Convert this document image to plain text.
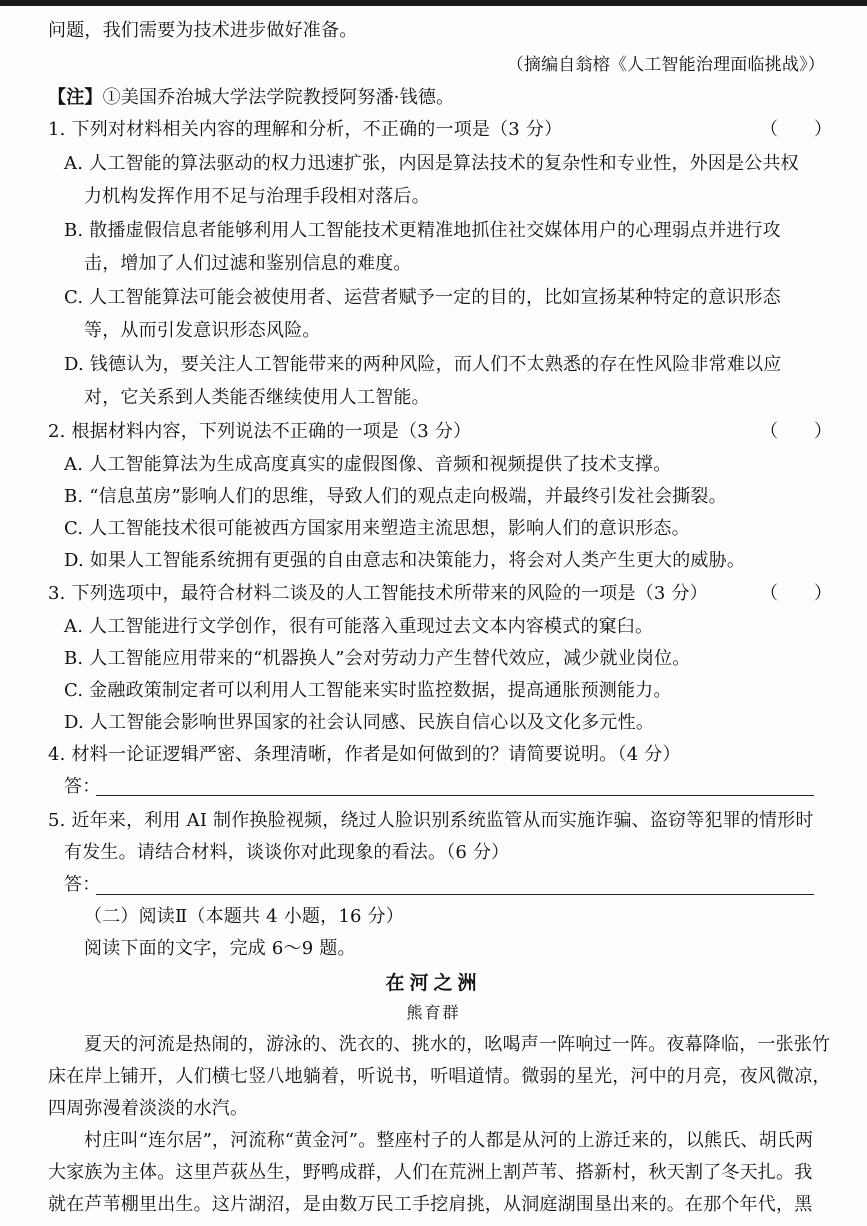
问题，我们需要为技术进步做好准备。
（摘编自翁榕《人工智能治理面临挑战》）
【注】①美国乔治城大学法学院教授阿努潘·钱德。
1. 下列对材料相关内容的理解和分析，不正确的一项是（3 分）	（　　）
A. 人工智能的算法驱动的权力迅速扩张，内因是算法技术的复杂性和专业性，外因是公共权
力机构发挥作用不足与治理手段相对落后。
B. 散播虚假信息者能够利用人工智能技术更精准地抓住社交媒体用户的心理弱点并进行攻
击，增加了人们过滤和鉴别信息的难度。
C. 人工智能算法可能会被使用者、运营者赋予一定的目的，比如宣扬某种特定的意识形态
等，从而引发意识形态风险。
D. 钱德认为，要关注人工智能带来的两种风险，而人们不太熟悉的存在性风险非常难以应
对，它关系到人类能否继续使用人工智能。
2. 根据材料内容，下列说法不正确的一项是（3 分）	（　　）
A. 人工智能算法为生成高度真实的虚假图像、音频和视频提供了技术支撑。
B. “信息茧房”影响人们的思维，导致人们的观点走向极端，并最终引发社会撕裂。
C. 人工智能技术很可能被西方国家用来塑造主流思想，影响人们的意识形态。
D. 如果人工智能系统拥有更强的自由意志和决策能力，将会对人类产生更大的威胁。
3. 下列选项中，最符合材料二谈及的人工智能技术所带来的风险的一项是（3 分）	（　　）
A. 人工智能进行文学创作，很有可能落入重现过去文本内容模式的窠臼。
B. 人工智能应用带来的“机器换人”会对劳动力产生替代效应，减少就业岗位。
C. 金融政策制定者可以利用人工智能来实时监控数据，提高通胀预测能力。
D. 人工智能会影响世界国家的社会认同感、民族自信心以及文化多元性。
4. 材料一论证逻辑严密、条理清晰，作者是如何做到的？请简要说明。（4 分）
答：
5. 近年来，利用 AI 制作换脸视频，绕过人脸识别系统监管从而实施诈骗、盗窃等犯罪的情形时
有发生。请结合材料，谈谈你对此现象的看法。（6 分）
答：
（二）阅读Ⅱ（本题共 4 小题，16 分）
阅读下面的文字，完成 6～9 题。
在河之洲
熊育群
夏天的河流是热闹的，游泳的、洗衣的、挑水的，吆喝声一阵响过一阵。夜幕降临，一张张竹
床在岸上铺开，人们横七竖八地躺着，听说书，听唱道情。微弱的星光，河中的月亮，夜风微凉，
四周弥漫着淡淡的水汽。
村庄叫“连尔居”，河流称“黄金河”。整座村子的人都是从河的上游迁来的，以熊氏、胡氏两
大家族为主体。这里芦荻丛生，野鸭成群，人们在荒洲上割芦苇、搭新村，秋天割了冬天扎。我
就在芦苇棚里出生。这片湖沼，是由数万民工手挖肩挑，从洞庭湖围垦出来的。在那个年代，黑
